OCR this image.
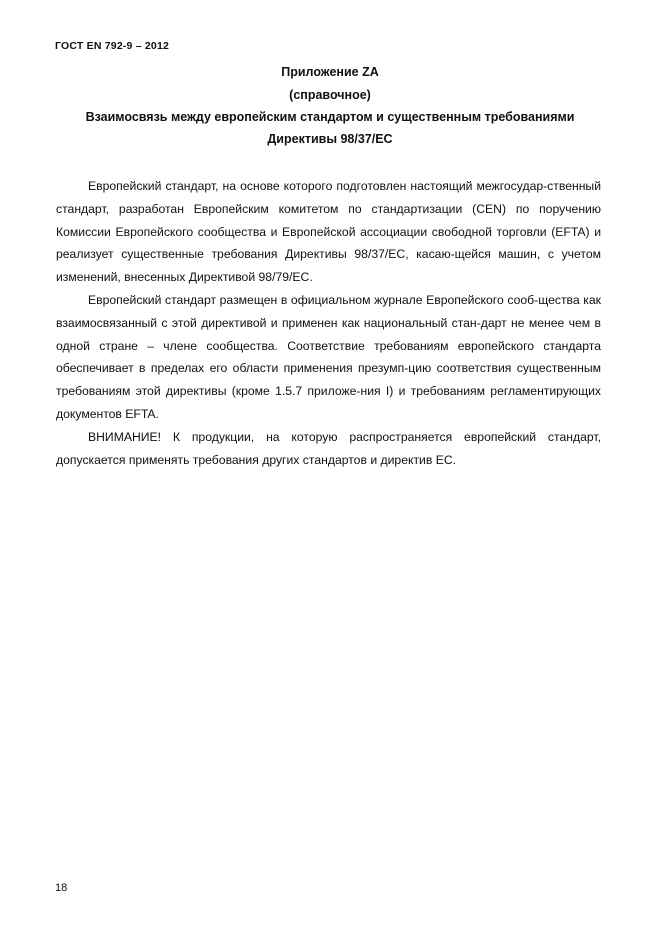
ГОСТ EN 792-9 – 2012
Приложение ZA
(справочное)
Взаимосвязь между европейским стандартом и существенным требованиями
Директивы 98/37/ЕС

Европейский стандарт, на основе которого подготовлен настоящий межгосудар-ственный стандарт, разработан Европейским комитетом по стандартизации (CEN) по поручению Комиссии Европейского сообщества и Европейской ассоциации свободной торговли (EFTA) и реализует существенные требования Директивы 98/37/ЕС, касаю-щейся машин, с учетом изменений, внесенных Директивой 98/79/ЕС.

Европейский стандарт размещен в официальном журнале Европейского сооб-щества как взаимосвязанный с этой директивой и применен как национальный стан-дарт не менее чем в одной стране – члене сообщества. Соответствие требованиям европейского стандарта обеспечивает в пределах его области применения презумп-цию соответствия существенным требованиям этой директивы (кроме 1.5.7 приложе-ния I) и требованиям регламентирующих документов EFTA.

ВНИМАНИЕ! К продукции, на которую распространяется европейский стандарт, допускается применять требования других стандартов и директив ЕС.

18
